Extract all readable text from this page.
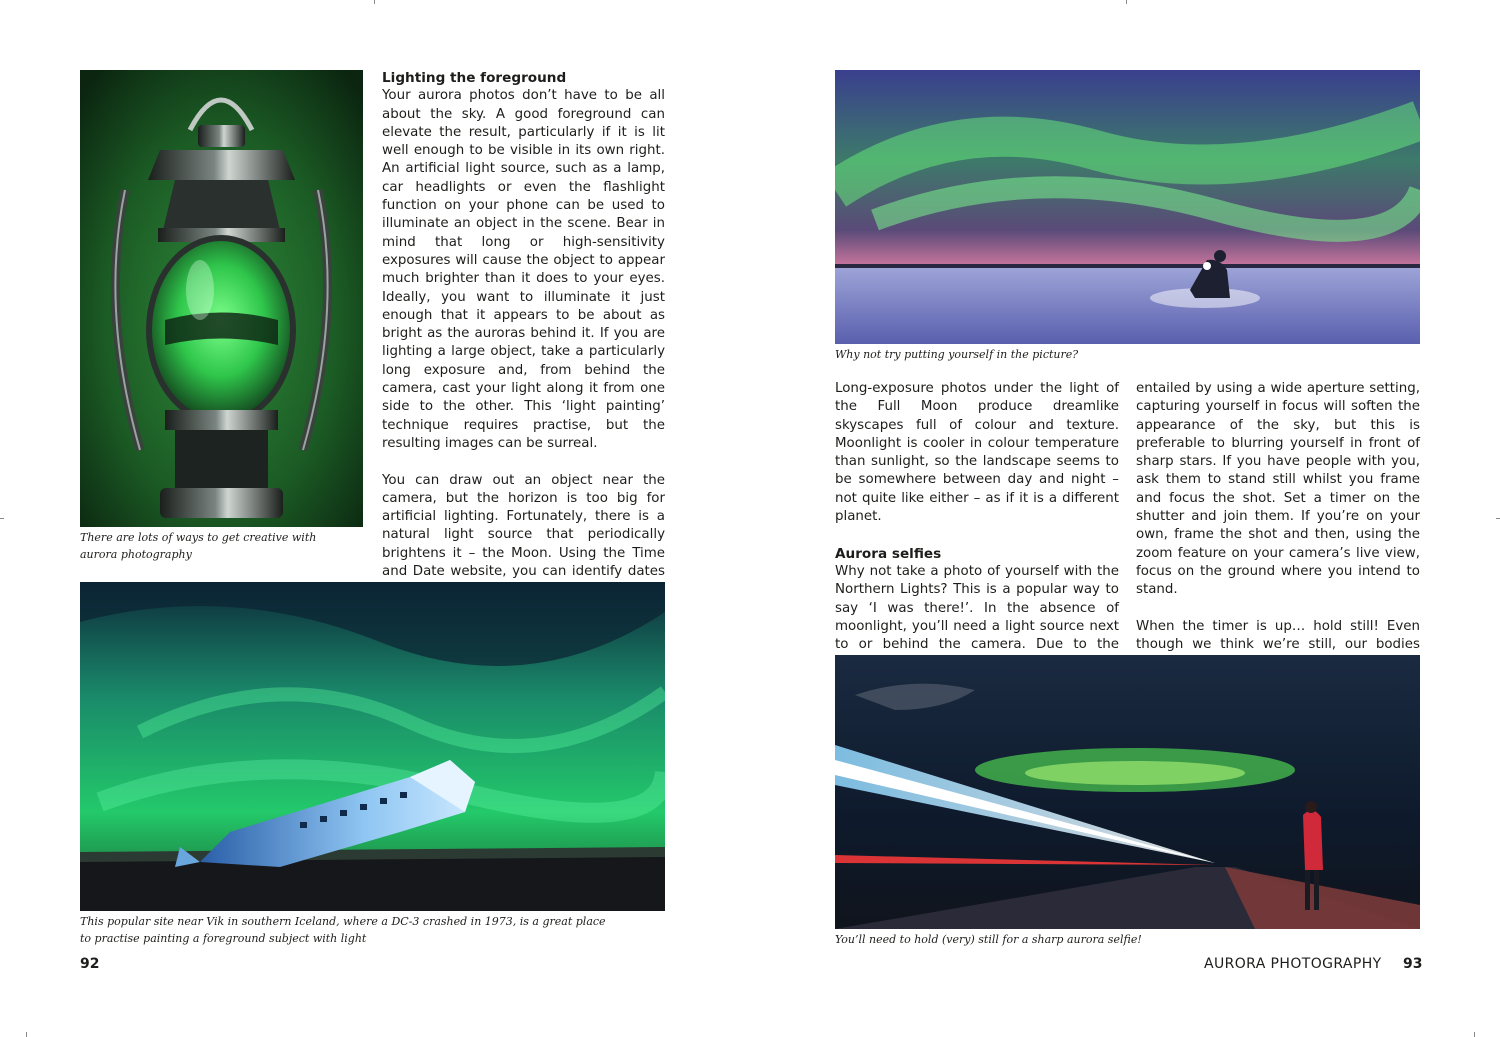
There are lots of ways to get creative with aurora photography
Lighting the foreground

Your aurora photos don’t have to be all about the sky. A good foreground can elevate the result, particularly if it is lit well enough to be visible in its own right. An artificial light source, such as a lamp, car headlights or even the flashlight function on your phone can be used to illuminate an object in the scene. Bear in mind that long or high-sensitivity exposures will cause the object to appear much brighter than it does to your eyes. Ideally, you want to illuminate it just enough that it appears to be about as bright as the auroras behind it. If you are lighting a large object, take a particularly long exposure and, from behind the camera, cast your light along it from one side to the other. This ‘light painting’ technique requires practise, but the resulting images can be surreal.

You can draw out an object near the camera, but the horizon is too big for artificial lighting. Fortunately, there is a natural light source that periodically brightens it – the Moon. Using the Time and Date website, you can identify dates

This popular site near Vik in southern Iceland, where a DC-3 crashed in 1973, is a great place to practise painting a foreground subject with light
92
Why not try putting yourself in the picture?

Long-exposure photos under the light of the Full Moon produce dreamlike skyscapes full of colour and texture. Moonlight is cooler in colour temperature than sunlight, so the landscape seems to be somewhere between day and night – not quite like either – as if it is a different planet.

Aurora selfies

Why not take a photo of yourself with the Northern Lights? This is a popular way to say ‘I was there!’. In the absence of moonlight, you’ll need a light source next to or behind the camera. Due to the

entailed by using a wide aperture setting, capturing yourself in focus will soften the appearance of the sky, but this is preferable to blurring yourself in front of sharp stars. If you have people with you, ask them to stand still whilst you frame and focus the shot. Set a timer on the shutter and join them. If you’re on your own, frame the shot and then, using the zoom feature on your camera’s live view, focus on the ground where you intend to stand.

When the timer is up… hold still! Even though we think we’re still, our bodies

You’ll need to hold (very) still for a sharp aurora selfie!
AURORA PHOTOGRAPHY 93
